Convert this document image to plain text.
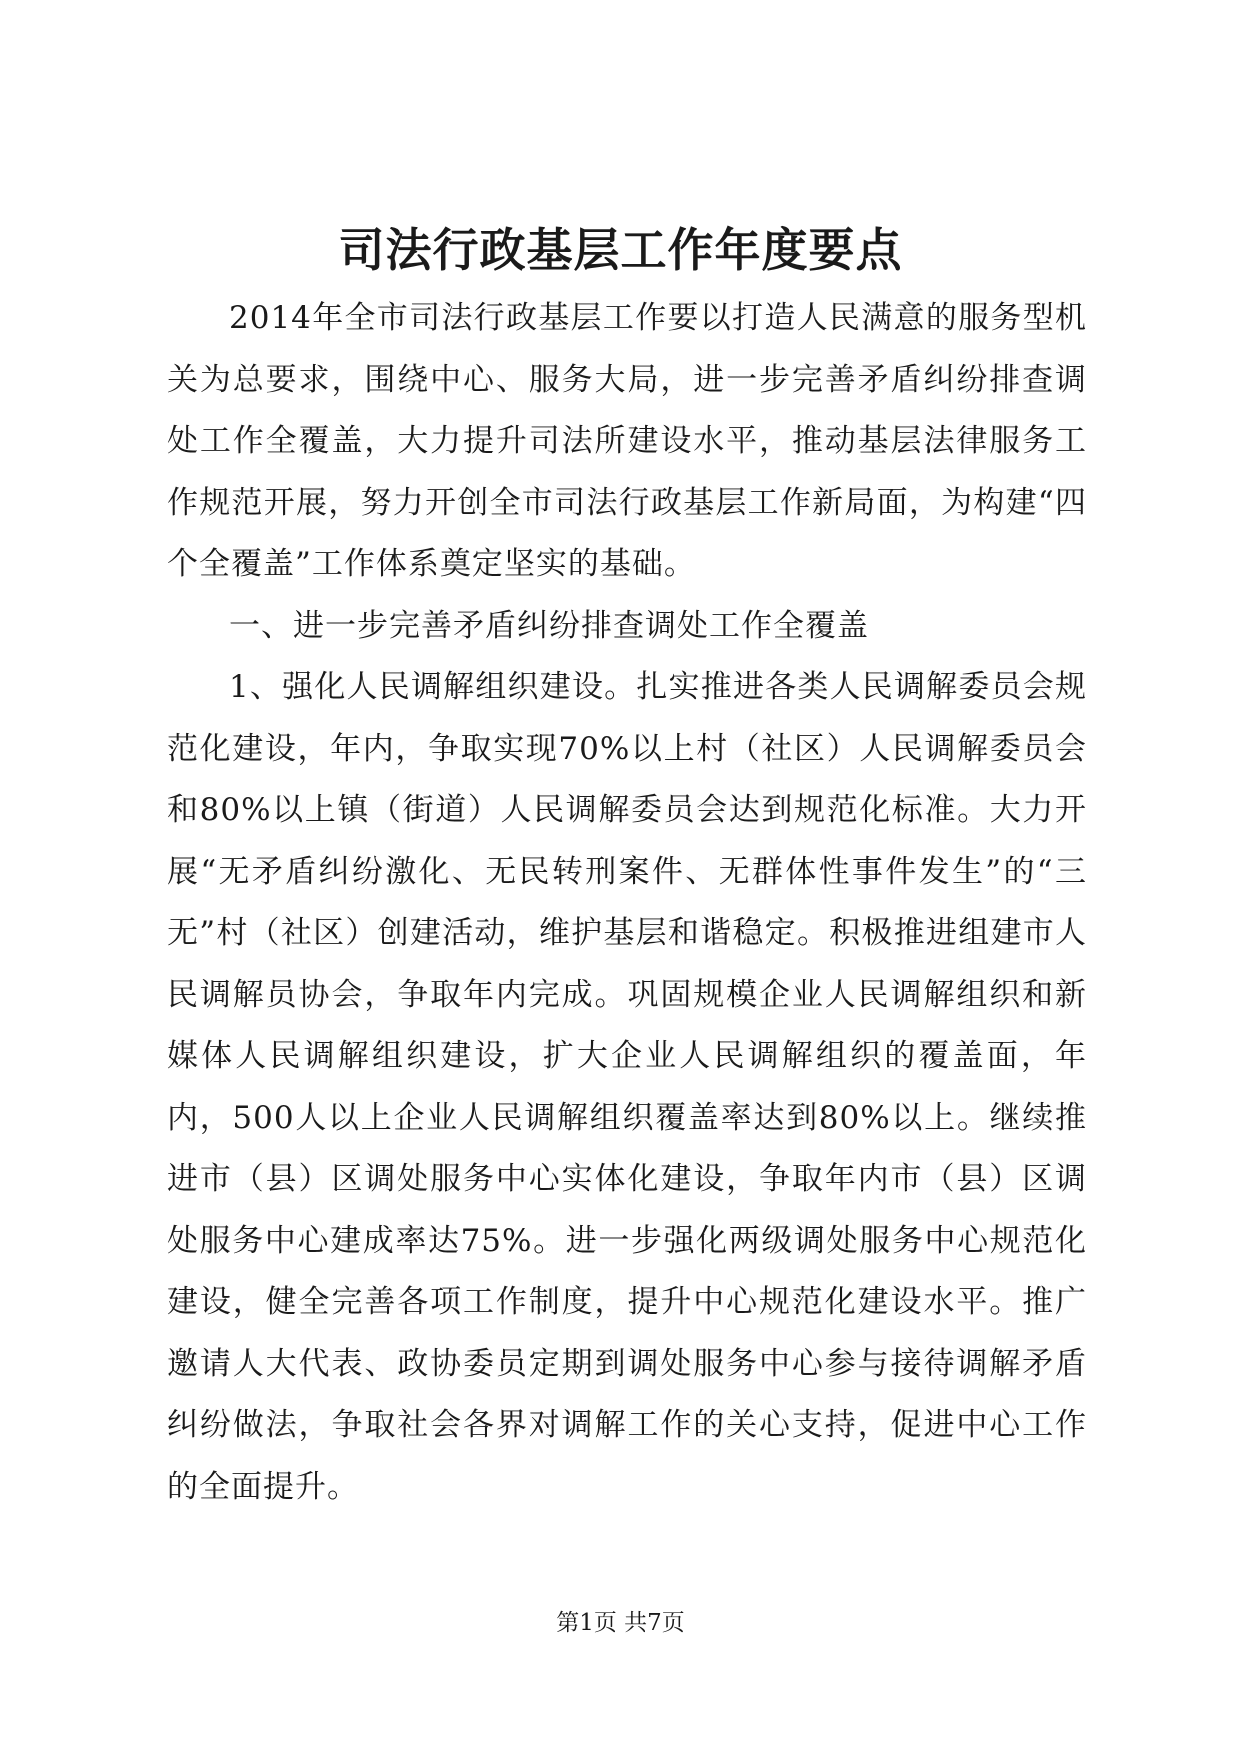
司法行政基层工作年度要点

2014年全市司法行政基层工作要以打造人民满意的服务型机关为总要求，围绕中心、服务大局，进一步完善矛盾纠纷排查调处工作全覆盖，大力提升司法所建设水平，推动基层法律服务工作规范开展，努力开创全市司法行政基层工作新局面，为构建“四个全覆盖”工作体系奠定坚实的基础。

一、进一步完善矛盾纠纷排查调处工作全覆盖

1、强化人民调解组织建设。扎实推进各类人民调解委员会规范化建设，年内，争取实现70%以上村（社区）人民调解委员会和80%以上镇（街道）人民调解委员会达到规范化标准。大力开展“无矛盾纠纷激化、无民转刑案件、无群体性事件发生”的“三无”村（社区）创建活动，维护基层和谐稳定。积极推进组建市人民调解员协会，争取年内完成。巩固规模企业人民调解组织和新媒体人民调解组织建设，扩大企业人民调解组织的覆盖面，年内，500人以上企业人民调解组织覆盖率达到80%以上。继续推进市（县）区调处服务中心实体化建设，争取年内市（县）区调处服务中心建成率达75%。进一步强化两级调处服务中心规范化建设，健全完善各项工作制度，提升中心规范化建设水平。推广邀请人大代表、政协委员定期到调处服务中心参与接待调解矛盾纠纷做法，争取社会各界对调解工作的关心支持，促进中心工作的全面提升。

第1页 共7页
